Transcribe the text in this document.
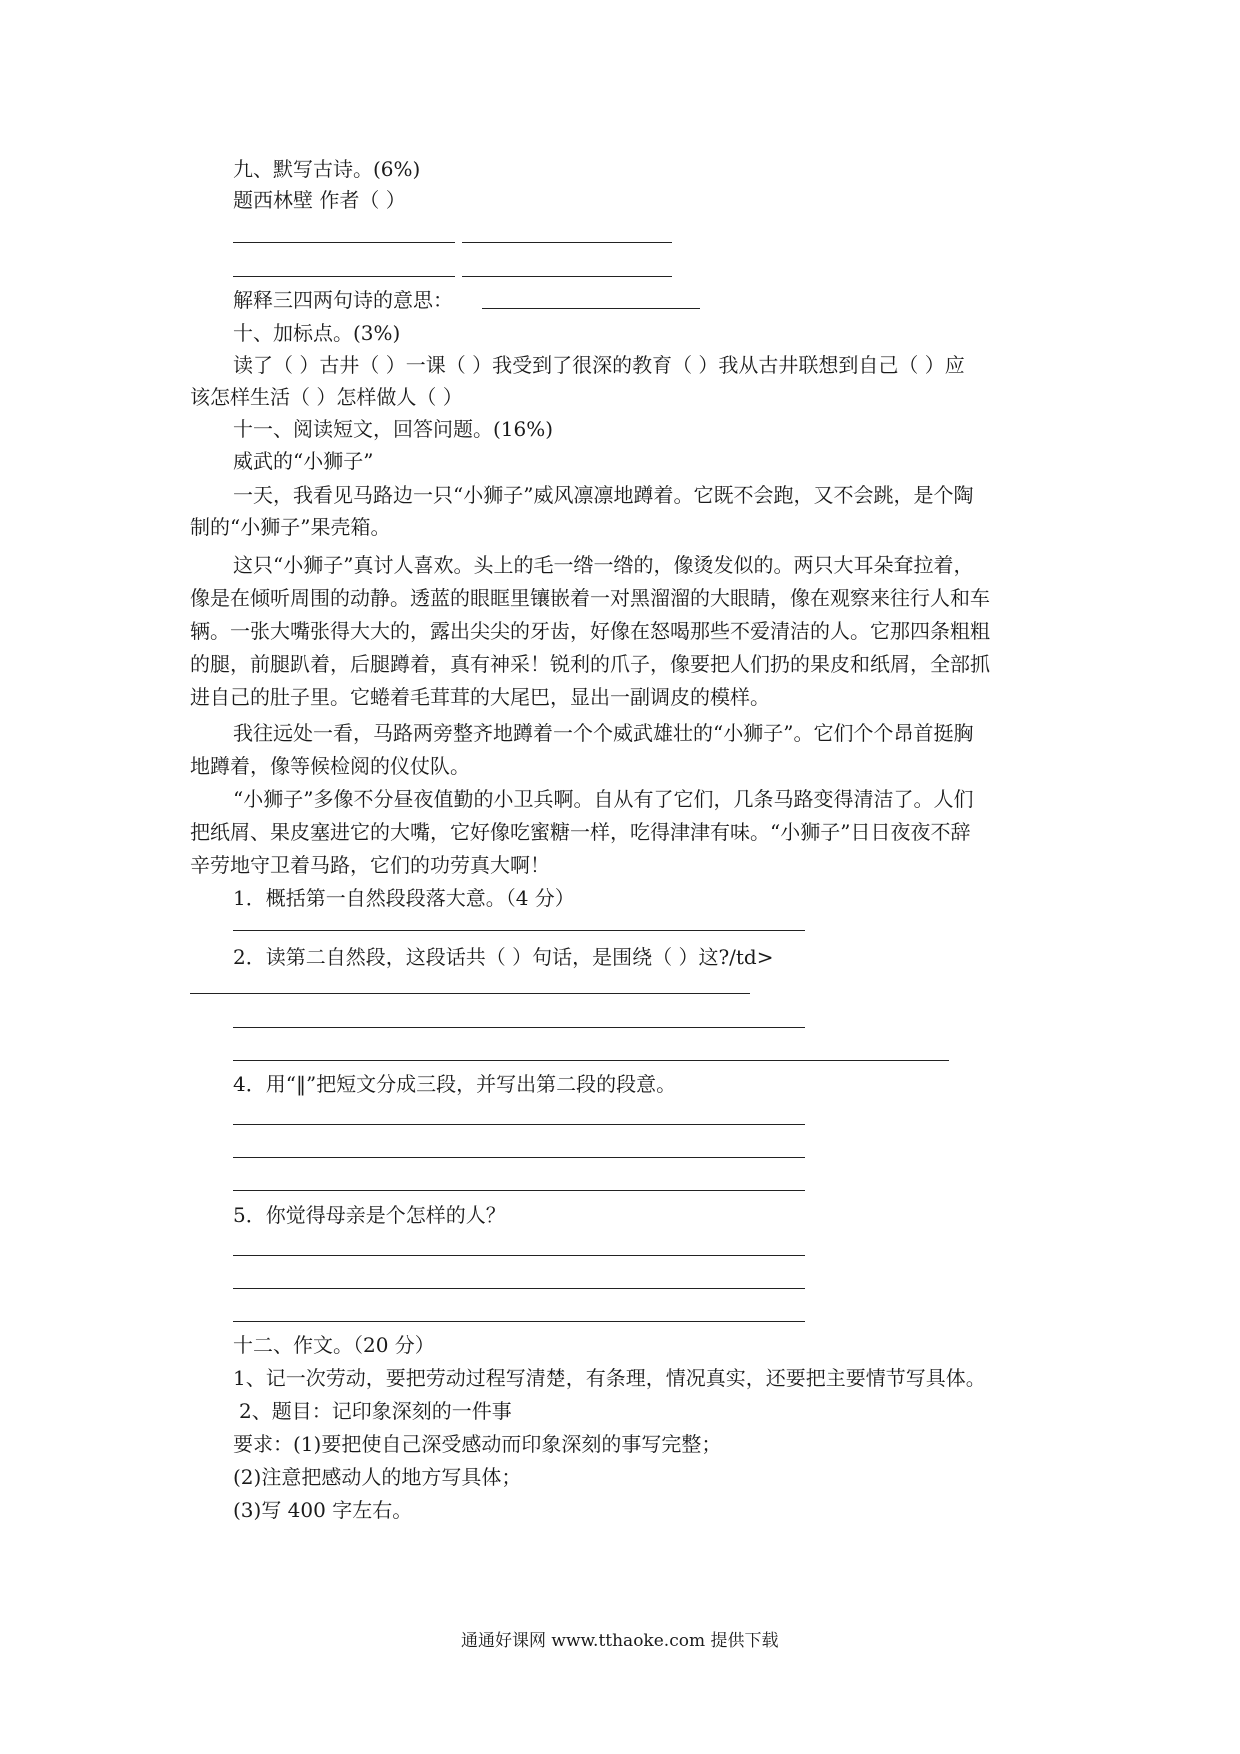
九、默写古诗。(6%)
题西林壁 作者（ ）
解释三四两句诗的意思：
十、加标点。(3%)
读了（ ）古井（ ）一课（ ）我受到了很深的教育（ ）我从古井联想到自己（ ）应
该怎样生活（ ）怎样做人（ ）
十一、阅读短文，回答问题。(16%)
威武的“小狮子”
一天，我看见马路边一只“小狮子”威风凛凛地蹲着。它既不会跑，又不会跳，是个陶
制的“小狮子”果壳箱。
这只“小狮子”真讨人喜欢。头上的毛一绺一绺的，像烫发似的。两只大耳朵耷拉着，
像是在倾听周围的动静。透蓝的眼眶里镶嵌着一对黑溜溜的大眼睛，像在观察来往行人和车
辆。一张大嘴张得大大的，露出尖尖的牙齿，好像在怒喝那些不爱清洁的人。它那四条粗粗
的腿，前腿趴着，后腿蹲着，真有神采！锐利的爪子，像要把人们扔的果皮和纸屑，全部抓
进自己的肚子里。它蜷着毛茸茸的大尾巴，显出一副调皮的模样。
我往远处一看，马路两旁整齐地蹲着一个个威武雄壮的“小狮子”。它们个个昂首挺胸
地蹲着，像等候检阅的仪仗队。
“小狮子”多像不分昼夜值勤的小卫兵啊。自从有了它们，几条马路变得清洁了。人们
把纸屑、果皮塞进它的大嘴，它好像吃蜜糖一样，吃得津津有味。“小狮子”日日夜夜不辞
辛劳地守卫着马路，它们的功劳真大啊！
1．概括第一自然段段落大意。（4 分）
2．读第二自然段，这段话共（ ）句话，是围绕（ ）这?/td>
4．用“‖”把短文分成三段，并写出第二段的段意。
5．你觉得母亲是个怎样的人？
十二、作文。（20 分）
1、记一次劳动，要把劳动过程写清楚，有条理，情况真实，还要把主要情节写具体。
2、题目：记印象深刻的一件事
要求：(1)要把使自己深受感动而印象深刻的事写完整；
(2)注意把感动人的地方写具体；
(3)写 400 字左右。
通通好课网 www.tthaoke.com 提供下载
